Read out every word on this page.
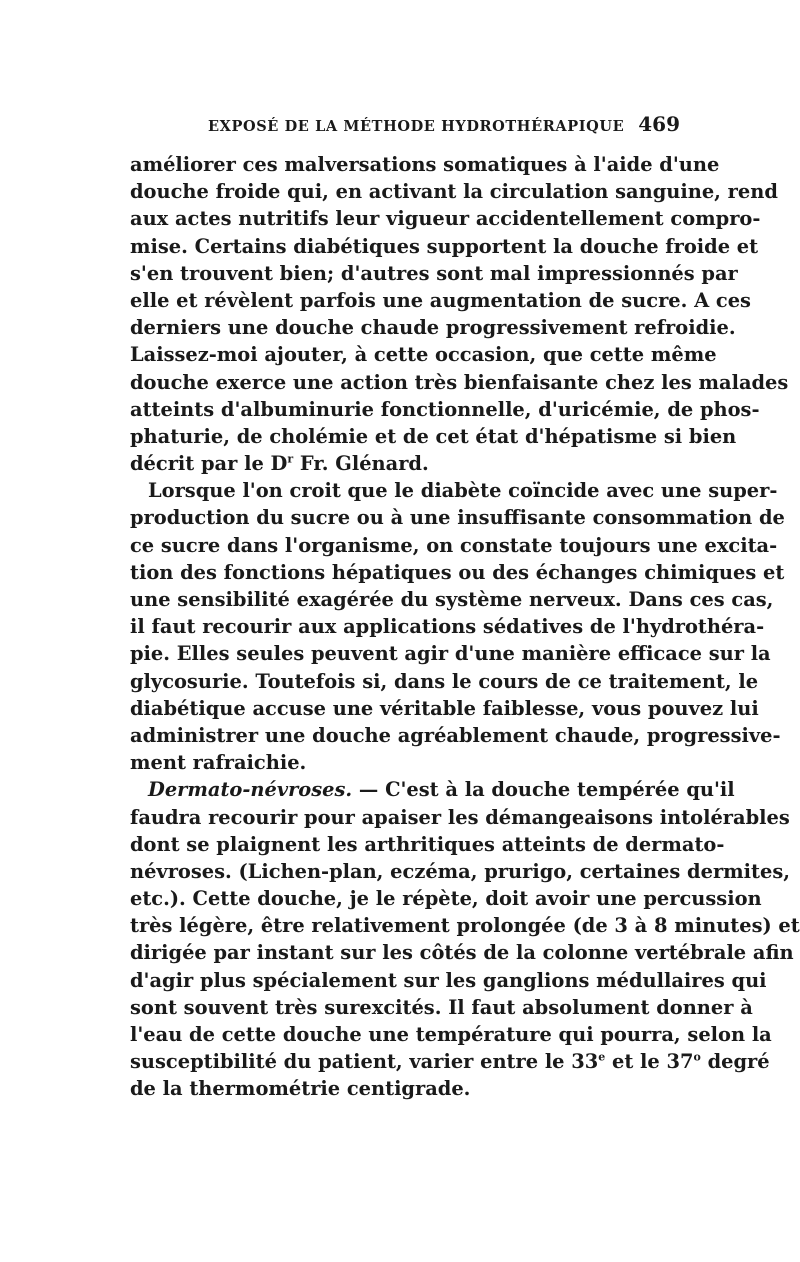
EXPOSÉ DE LA MÉTHODE HYDROTHÉRAPIQUE 469
améliorer ces malversations somatiques à l'aide d'une
douche froide qui, en activant la circulation sanguine, rend
aux actes nutritifs leur vigueur accidentellement compro-
mise. Certains diabétiques supportent la douche froide et
s'en trouvent bien; d'autres sont mal impressionnés par
elle et révèlent parfois une augmentation de sucre. A ces
derniers une douche chaude progressivement refroidie.
Laissez-moi ajouter, à cette occasion, que cette même
douche exerce une action très bienfaisante chez les malades
atteints d'albuminurie fonctionnelle, d'uricémie, de phos-
phaturie, de cholémie et de cet état d'hépatisme si bien
décrit par le $D^r$ Fr. Glénard.
Lorsque l'on croit que le diabète coïncide avec une super-
production du sucre ou à une insuffisante consommation de
ce sucre dans l'organisme, on constate toujours une excita-
tion des fonctions hépatiques ou des échanges chimiques et
une sensibilité exagérée du système nerveux. Dans ces cas,
il faut recourir aux applications sédatives de l'hydrothéra-
pie. Elles seules peuvent agir d'une manière efficace sur la
glycosurie. Toutefois si, dans le cours de ce traitement, le
diabétique accuse une véritable faiblesse, vous pouvez lui
administrer une douche agréablement chaude, progressive-
ment rafraichie.
Dermato-névroses. — C'est à la douche tempérée qu'il
faudra recourir pour apaiser les démangeaisons intolérables
dont se plaignent les arthritiques atteints de dermato-
névroses. (Lichen-plan, eczéma, prurigo, certaines dermites,
etc.). Cette douche, je le répète, doit avoir une percussion
très légère, être relativement prolongée (de 3 à 8 minutes) et
dirigée par instant sur les côtés de la colonne vertébrale afin
d'agir plus spécialement sur les ganglions médullaires qui
sont souvent très surexcités. Il faut absolument donner à
l'eau de cette douche une température qui pourra, selon la
susceptibilité du patient, varier entre le 33e et le 37$^o$ degré
de la thermométrie centigrade.
